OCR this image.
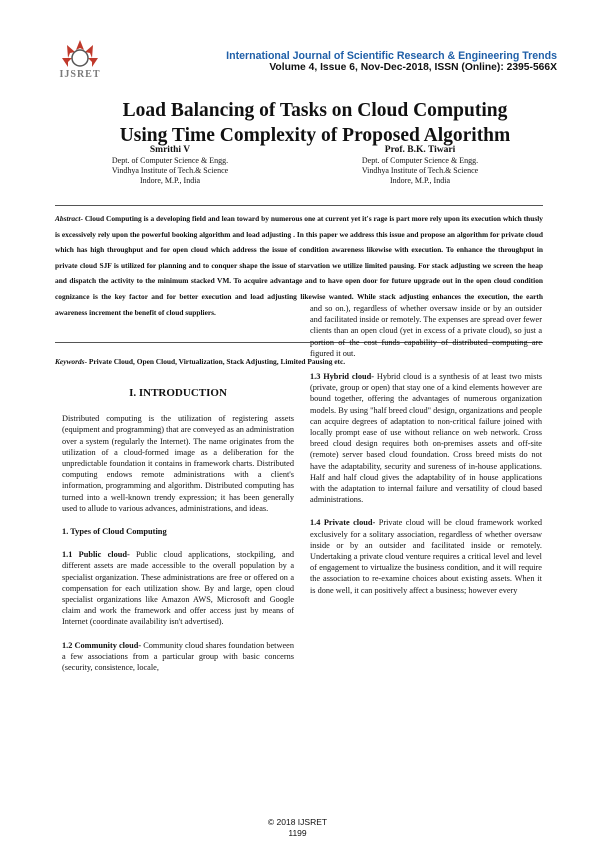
IJSRET
International Journal of Scientific Research & Engineering Trends
Volume 4, Issue 6, Nov-Dec-2018, ISSN (Online): 2395-566X
Load Balancing of Tasks on Cloud Computing
Using Time Complexity of Proposed Algorithm
Smrithi V
Dept. of Computer Science & Engg.
Vindhya Institute of Tech.& Science
Indore, M.P., India
Prof. B.K. Tiwari
Dept. of Computer Science & Engg.
Vindhya Institute of Tech.& Science
Indore, M.P., India
Abstract- Cloud Computing is a developing field and lean toward by numerous one at current yet it's rage is part more rely upon its execution which thusly is excessively rely upon the powerful booking algorithm and load adjusting . In this paper we address this issue and propose an algorithm for private cloud which has high throughput and for open cloud which address the issue of condition awareness likewise with execution. To enhance the throughput in private cloud SJF is utilized for planning and to conquer shape the issue of starvation we utilize limited pausing. For stack adjusting we screen the heap and dispatch the activity to the minimum stacked VM. To acquire advantage and to have open door for future upgrade out in the open cloud condition cognizance is the key factor and for better execution and load adjusting likewise wanted. While stack adjusting enhances the execution, the earth awareness increment the benefit of cloud suppliers.
Keywords- Private Cloud, Open Cloud, Virtualization, Stack Adjusting, Limited Pausing etc.
I. INTRODUCTION

Distributed computing is the utilization of registering assets (equipment and programming) that are conveyed as an administration over a system (regularly the Internet). The name originates from the utilization of a cloud-formed image as a deliberation for the unpredictable foundation it contains in framework charts. Distributed computing endows remote administrations with a client's information, programming and algorithm. Distributed computing has turned into a well-known trendy expression; it has been generally used to allude to various advances, administrations, and ideas.

1. Types of Cloud Computing

1.1 Public cloud- Public cloud applications, stockpiling, and different assets are made accessible to the overall population by a specialist organization. These administrations are free or offered on a compensation for each utilization show. By and large, open cloud specialist organizations like Amazon AWS, Microsoft and Google claim and work the framework and offer access just by means of Internet (coordinate availability isn't advertised).

1.2 Community cloud- Community cloud shares foundation between a few associations from a particular group with basic concerns (security, consistence, locale,

and so on.), regardless of whether oversaw inside or by an outsider and facilitated inside or remotely. The expenses are spread over fewer clients than an open cloud (yet in excess of a private cloud), so just a portion of the cost funds capability of distributed computing are figured it out.

1.3 Hybrid cloud- Hybrid cloud is a synthesis of at least two mists (private, group or open) that stay one of a kind elements however are bound together, offering the advantages of numerous organization models. By using "half breed cloud" design, organizations and people can acquire degrees of adaptation to non-critical failure joined with locally prompt ease of use without reliance on web network. Cross breed cloud design requires both on-premises assets and off-site (remote) server based cloud foundation. Cross breed mists do not have the adaptability, security and sureness of in-house applications. Half and half cloud gives the adaptability of in house applications with the adaptation to internal failure and versatility of cloud based administrations.

1.4 Private cloud- Private cloud will be cloud framework worked exclusively for a solitary association, regardless of whether oversaw inside or by an outsider and facilitated inside or remotely. Undertaking a private cloud venture requires a critical level and level of engagement to virtualize the business condition, and it will require the association to re-examine choices about existing assets. When it is done well, it can positively affect a business; however every

© 2018 IJSRET
1199
